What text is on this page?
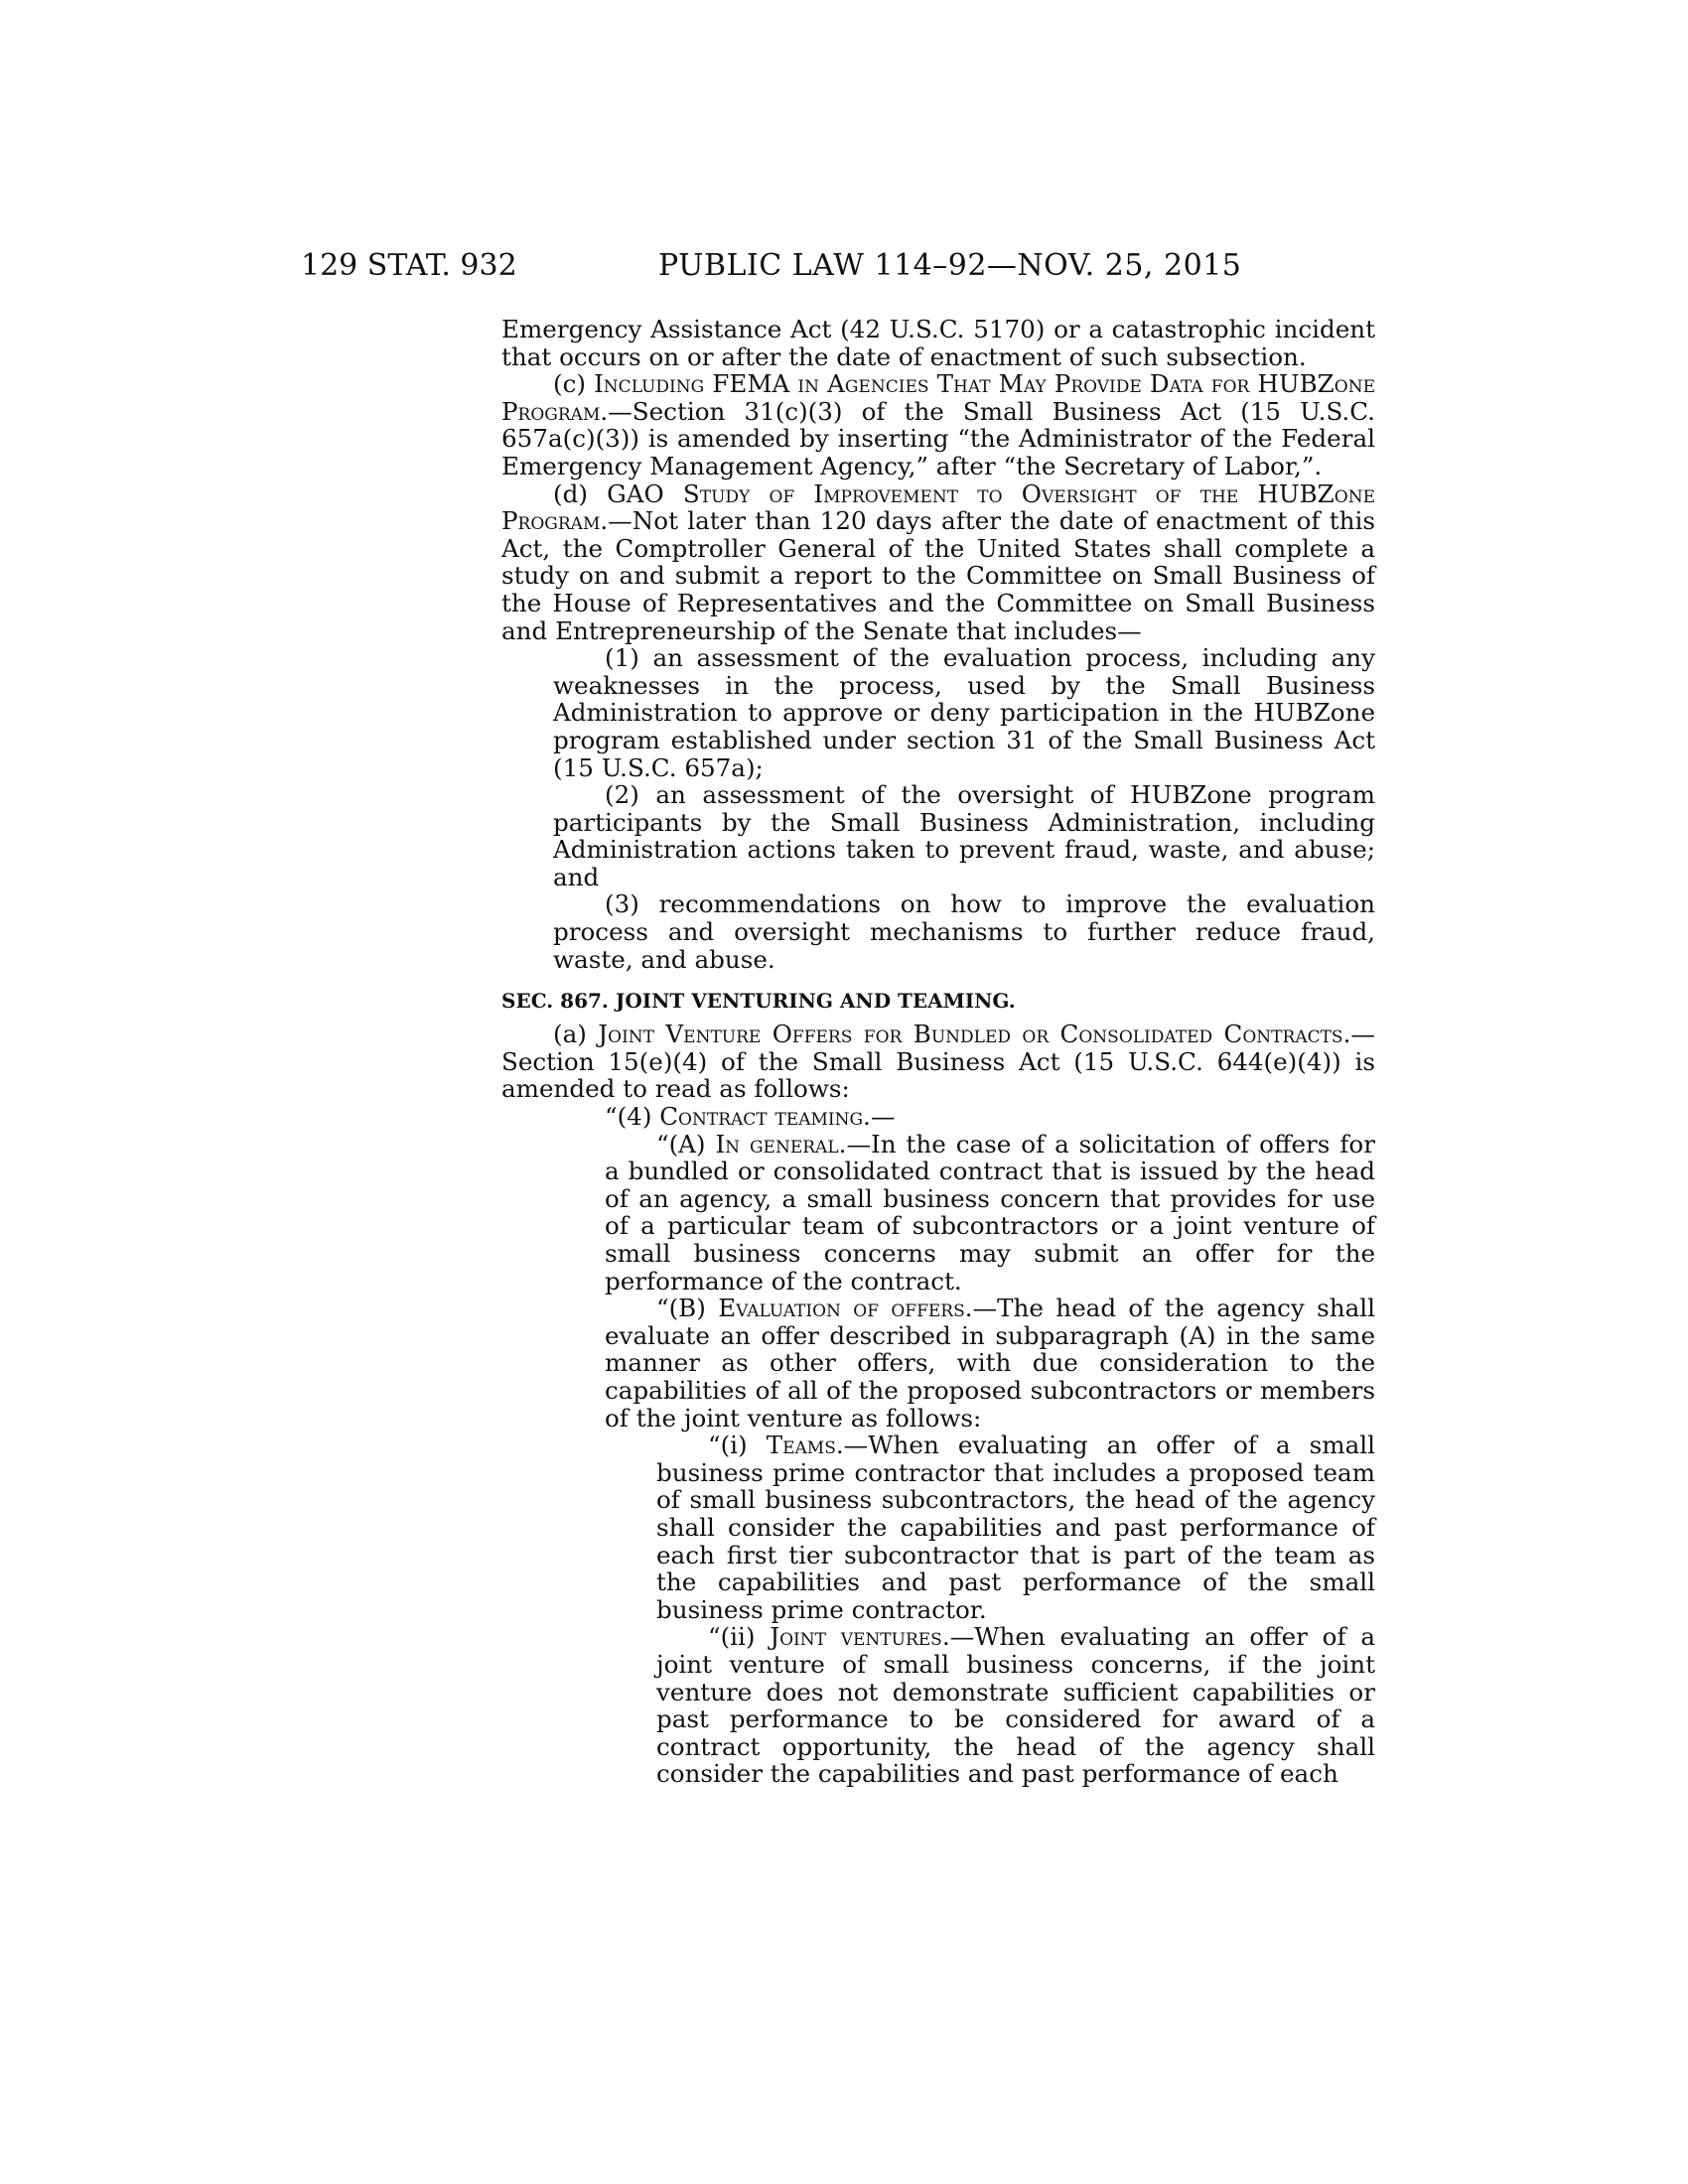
129 STAT. 932	PUBLIC LAW 114–92—NOV. 25, 2015

Emergency Assistance Act (42 U.S.C. 5170) or a catastrophic incident that occurs on or after the date of enactment of such subsection.

(c) Including FEMA in Agencies That May Provide Data for HUBZone Program.—Section 31(c)(3) of the Small Business Act (15 U.S.C. 657a(c)(3)) is amended by inserting “the Administrator of the Federal Emergency Management Agency,” after “the Secretary of Labor,”.

(d) GAO Study of Improvement to Oversight of the HUBZone Program.—Not later than 120 days after the date of enactment of this Act, the Comptroller General of the United States shall complete a study on and submit a report to the Committee on Small Business of the House of Representatives and the Committee on Small Business and Entrepreneurship of the Senate that includes—

(1) an assessment of the evaluation process, including any weaknesses in the process, used by the Small Business Administration to approve or deny participation in the HUBZone program established under section 31 of the Small Business Act (15 U.S.C. 657a);

(2) an assessment of the oversight of HUBZone program participants by the Small Business Administration, including Administration actions taken to prevent fraud, waste, and abuse; and

(3) recommendations on how to improve the evaluation process and oversight mechanisms to further reduce fraud, waste, and abuse.

SEC. 867. JOINT VENTURING AND TEAMING.

(a) Joint Venture Offers for Bundled or Consolidated Contracts.—Section 15(e)(4) of the Small Business Act (15 U.S.C. 644(e)(4)) is amended to read as follows:

“(4) Contract teaming.—

“(A) In general.—In the case of a solicitation of offers for a bundled or consolidated contract that is issued by the head of an agency, a small business concern that provides for use of a particular team of subcontractors or a joint venture of small business concerns may submit an offer for the performance of the contract.

“(B) Evaluation of offers.—The head of the agency shall evaluate an offer described in subparagraph (A) in the same manner as other offers, with due consideration to the capabilities of all of the proposed subcontractors or members of the joint venture as follows:

“(i) Teams.—When evaluating an offer of a small business prime contractor that includes a proposed team of small business subcontractors, the head of the agency shall consider the capabilities and past performance of each first tier subcontractor that is part of the team as the capabilities and past performance of the small business prime contractor.

“(ii) Joint ventures.—When evaluating an offer of a joint venture of small business concerns, if the joint venture does not demonstrate sufficient capabilities or past performance to be considered for award of a contract opportunity, the head of the agency shall consider the capabilities and past performance of each
